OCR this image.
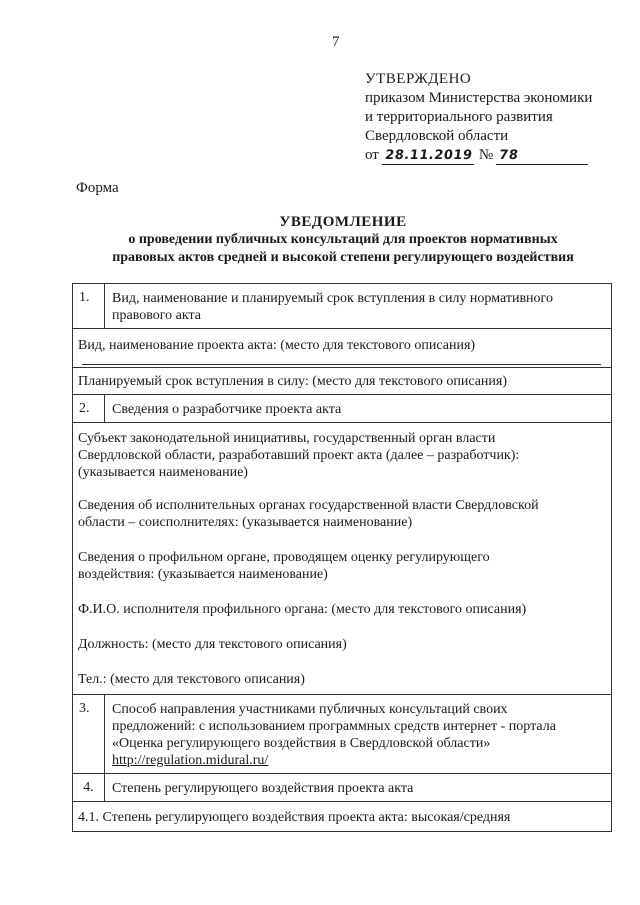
7
УТВЕРЖДЕНО
приказом Министерства экономики
и территориального развития
Свердловской области
от 28.11.2019 № 78
Форма
УВЕДОМЛЕНИЕ
о проведении публичных консультаций для проектов нормативных
правовых актов средней и высокой степени регулирующего воздействия
1.	Вид, наименование и планируемый срок вступления в силу нормативного
правового акта
Вид, наименование проекта акта: (место для текстового описания)
Планируемый срок вступления в силу: (место для текстового описания)
2.	Сведения о разработчике проекта акта
Субъект законодательной инициативы, государственный орган власти
Свердловской области, разработавший проект акта (далее – разработчик):
(указывается наименование)
Сведения об исполнительных органах государственной власти Свердловской
области – соисполнителях: (указывается наименование)
Сведения о профильном органе, проводящем оценку регулирующего
воздействия: (указывается наименование)
Ф.И.О. исполнителя профильного органа: (место для текстового описания)
Должность: (место для текстового описания)
Тел.: (место для текстового описания)
3.	Способ направления участниками публичных консультаций своих
предложений: с использованием программных средств интернет - портала
«Оценка регулирующего воздействия в Свердловской области»
http://regulation.midural.ru/
4.	Степень регулирующего воздействия проекта акта
4.1. Степень регулирующего воздействия проекта акта: высокая/средняя
